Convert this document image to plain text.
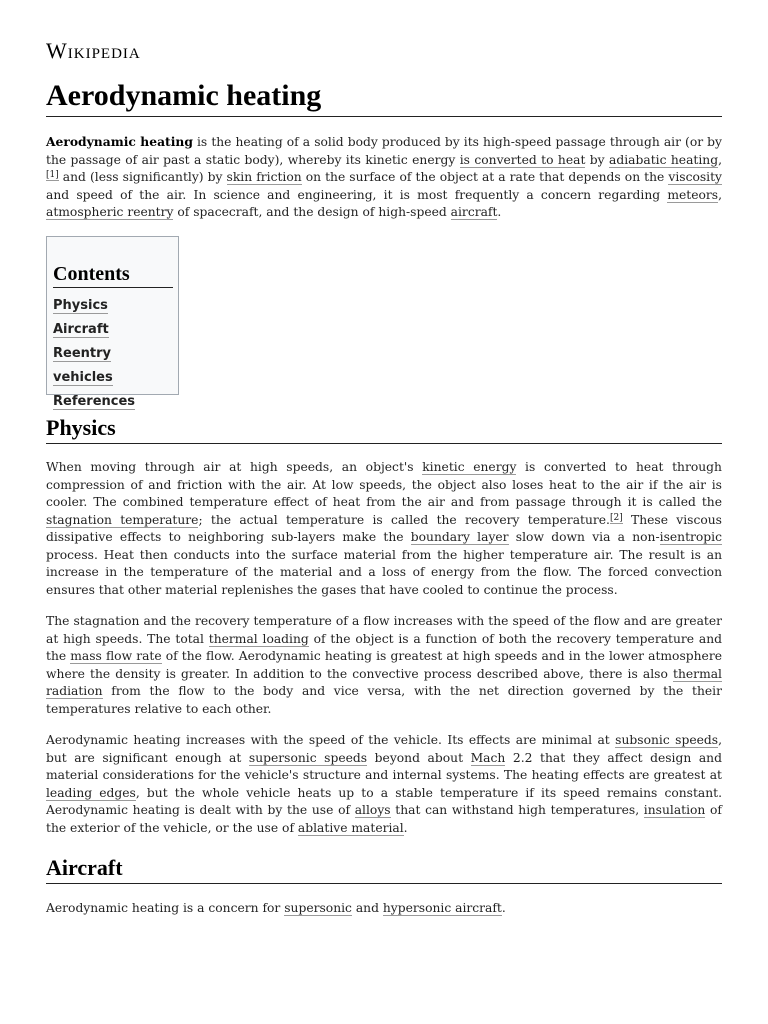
Wikipedia
Aerodynamic heating

Aerodynamic heating is the heating of a solid body produced by its high-speed passage through air (or by the passage of air past a static body), whereby its kinetic energy is converted to heat by adiabatic heating,[1] and (less significantly) by skin friction on the surface of the object at a rate that depends on the viscosity and speed of the air. In science and engineering, it is most frequently a concern regarding meteors, atmospheric reentry of spacecraft, and the design of high-speed aircraft.

Contents
Physics
Aircraft
Reentry vehicles
References
Physics

When moving through air at high speeds, an object's kinetic energy is converted to heat through compression of and friction with the air. At low speeds, the object also loses heat to the air if the air is cooler. The combined temperature effect of heat from the air and from passage through it is called the stagnation temperature; the actual temperature is called the recovery temperature.[2] These viscous dissipative effects to neighboring sub-layers make the boundary layer slow down via a non-isentropic process. Heat then conducts into the surface material from the higher temperature air. The result is an increase in the temperature of the material and a loss of energy from the flow. The forced convection ensures that other material replenishes the gases that have cooled to continue the process.

The stagnation and the recovery temperature of a flow increases with the speed of the flow and are greater at high speeds. The total thermal loading of the object is a function of both the recovery temperature and the mass flow rate of the flow. Aerodynamic heating is greatest at high speeds and in the lower atmosphere where the density is greater. In addition to the convective process described above, there is also thermal radiation from the flow to the body and vice versa, with the net direction governed by the their temperatures relative to each other.

Aerodynamic heating increases with the speed of the vehicle. Its effects are minimal at subsonic speeds, but are significant enough at supersonic speeds beyond about Mach 2.2 that they affect design and material considerations for the vehicle's structure and internal systems. The heating effects are greatest at leading edges, but the whole vehicle heats up to a stable temperature if its speed remains constant. Aerodynamic heating is dealt with by the use of alloys that can withstand high temperatures, insulation of the exterior of the vehicle, or the use of ablative material.

Aircraft

Aerodynamic heating is a concern for supersonic and hypersonic aircraft.
